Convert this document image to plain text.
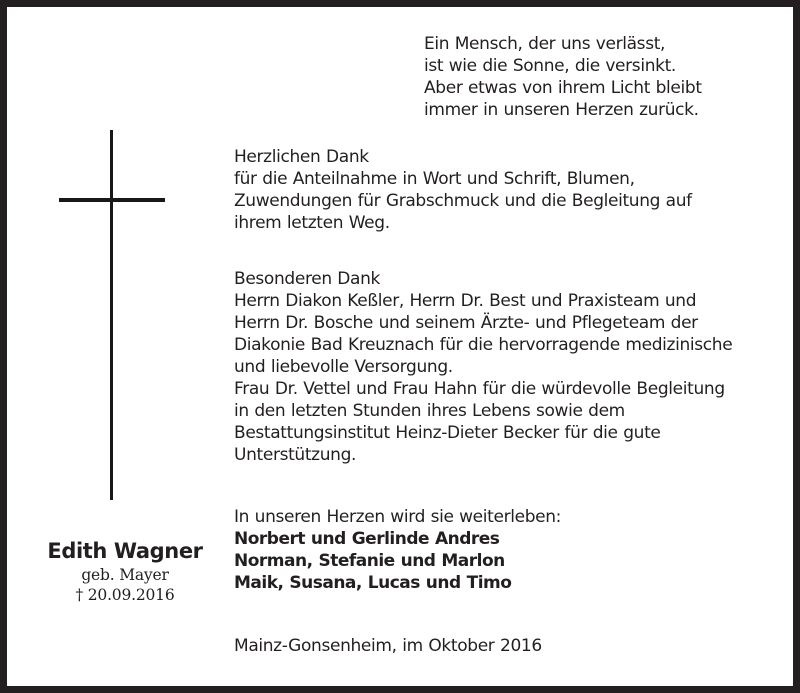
Ein Mensch, der uns verlässt,
ist wie die Sonne, die versinkt.
Aber etwas von ihrem Licht bleibt
immer in unseren Herzen zurück.
Herzlichen Dank
für die Anteilnahme in Wort und Schrift, Blumen,
Zuwendungen für Grabschmuck und die Begleitung auf
ihrem letzten Weg.
Besonderen Dank
Herrn Diakon Keßler, Herrn Dr. Best und Praxisteam und
Herrn Dr. Bosche und seinem Ärzte- und Pflegeteam der
Diakonie Bad Kreuznach für die hervorragende medizinische
und liebevolle Versorgung.
Frau Dr. Vettel und Frau Hahn für die würdevolle Begleitung
in den letzten Stunden ihres Lebens sowie dem
Bestattungsinstitut Heinz-Dieter Becker für die gute
Unterstützung.
In unseren Herzen wird sie weiterleben:
Norbert und Gerlinde Andres
Norman, Stefanie und Marlon
Maik, Susana, Lucas und Timo
Edith Wagner
geb. Mayer
† 20.09.2016
Mainz-Gonsenheim, im Oktober 2016
